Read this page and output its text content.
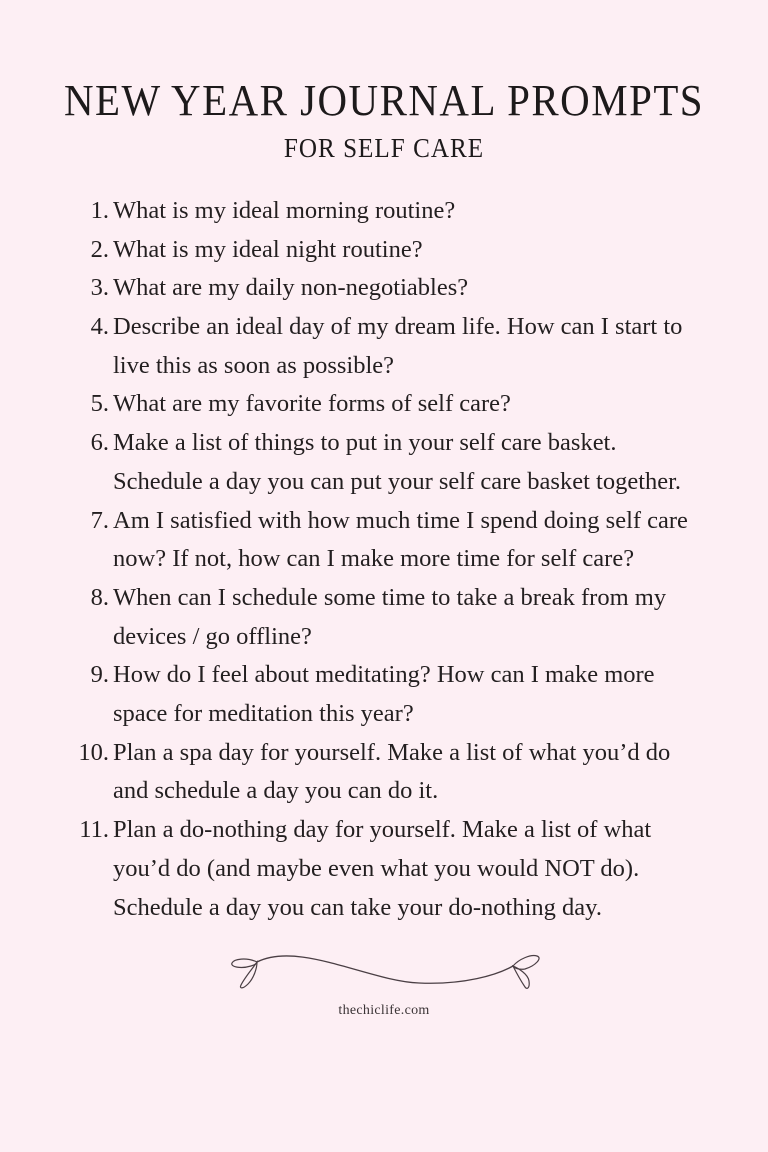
NEW YEAR JOURNAL PROMPTS
FOR SELF CARE
1. What is my ideal morning routine?
2. What is my ideal night routine?
3. What are my daily non-negotiables?
4. Describe an ideal day of my dream life. How can I start to live this as soon as possible?
5. What are my favorite forms of self care?
6. Make a list of things to put in your self care basket. Schedule a day you can put your self care basket together.
7. Am I satisfied with how much time I spend doing self care now? If not, how can I make more time for self care?
8. When can I schedule some time to take a break from my devices / go offline?
9. How do I feel about meditating? How can I make more space for meditation this year?
10. Plan a spa day for yourself. Make a list of what you’d do and schedule a day you can do it.
11. Plan a do-nothing day for yourself. Make a list of what you’d do (and maybe even what you would NOT do). Schedule a day you can take your do-nothing day.
thechiclife.com
